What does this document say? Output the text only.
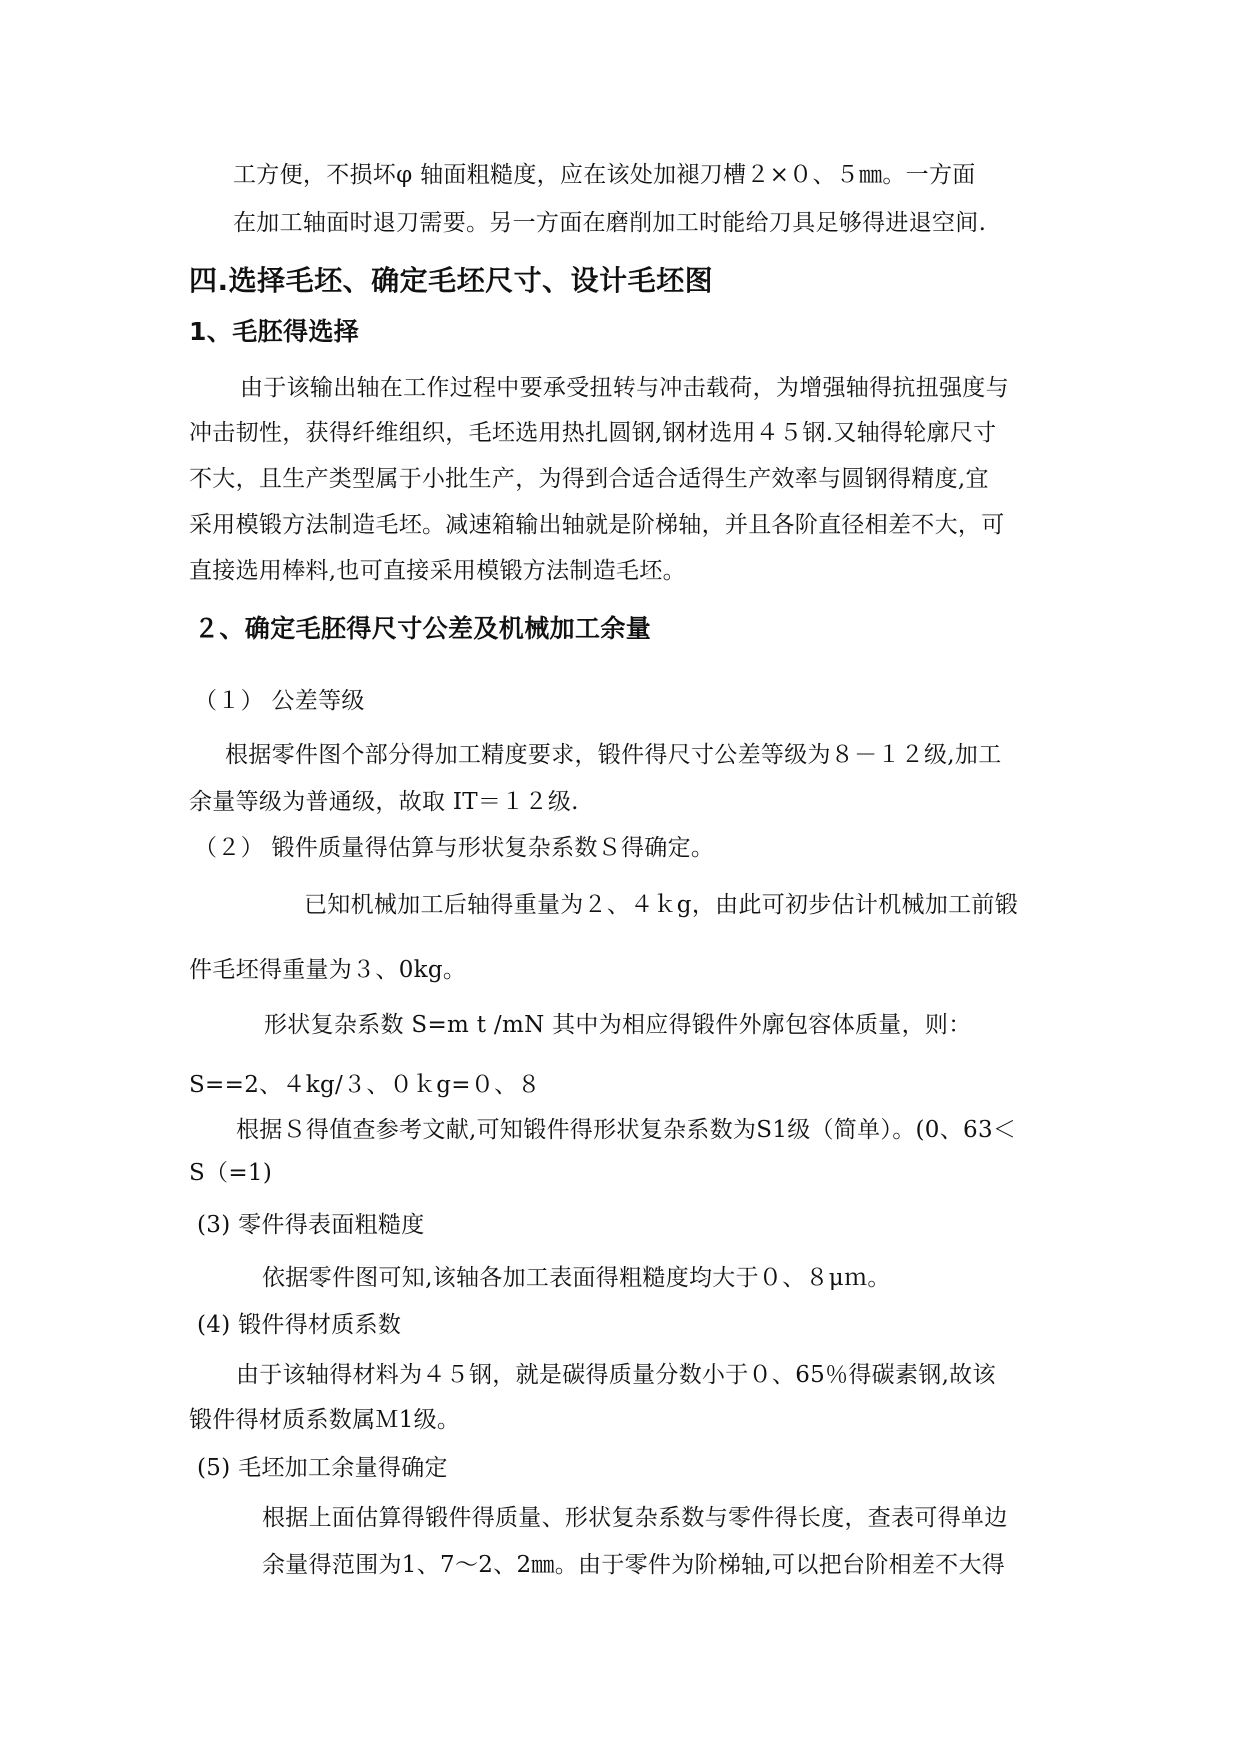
工方便，不损坏φ 轴面粗糙度，应在该处加褪刀槽２×０、５㎜。一方面
在加工轴面时退刀需要。另一方面在磨削加工时能给刀具足够得进退空间.
四.选择毛坯、确定毛坯尺寸、设计毛坯图
1、毛胚得选择
由于该输出轴在工作过程中要承受扭转与冲击载荷，为增强轴得抗扭强度与
冲击韧性，获得纤维组织，毛坯选用热扎圆钢,钢材选用４５钢.又轴得轮廓尺寸
不大，且生产类型属于小批生产，为得到合适合适得生产效率与圆钢得精度,宜
采用模锻方法制造毛坯。减速箱输出轴就是阶梯轴，并且各阶直径相差不大，可
直接选用棒料,也可直接采用模锻方法制造毛坯。
２、确定毛胚得尺寸公差及机械加工余量
（１） 公差等级
根据零件图个部分得加工精度要求，锻件得尺寸公差等级为８－１２级,加工
余量等级为普通级，故取 IT＝１２级.
（２） 锻件质量得估算与形状复杂系数Ｓ得确定。
已知机械加工后轴得重量为２、４ｋg，由此可初步估计机械加工前锻
件毛坯得重量为３、0kg。
形状复杂系数 S=m t /mN 其中为相应得锻件外廓包容体质量，则：
S==2、４kg/３、０ｋg=０、８
根据Ｓ得值查参考文献,可知锻件得形状复杂系数为S1级（简单）。(0、63＜
S（=1)
(3) 零件得表面粗糙度
依据零件图可知,该轴各加工表面得粗糙度均大于０、８μｍ。
(4) 锻件得材质系数
由于该轴得材料为４５钢，就是碳得质量分数小于０、65％得碳素钢,故该
锻件得材质系数属Ｍ1级。
(5) 毛坯加工余量得确定
根据上面估算得锻件得质量、形状复杂系数与零件得长度，查表可得单边
余量得范围为1、7～2、2㎜。由于零件为阶梯轴,可以把台阶相差不大得
